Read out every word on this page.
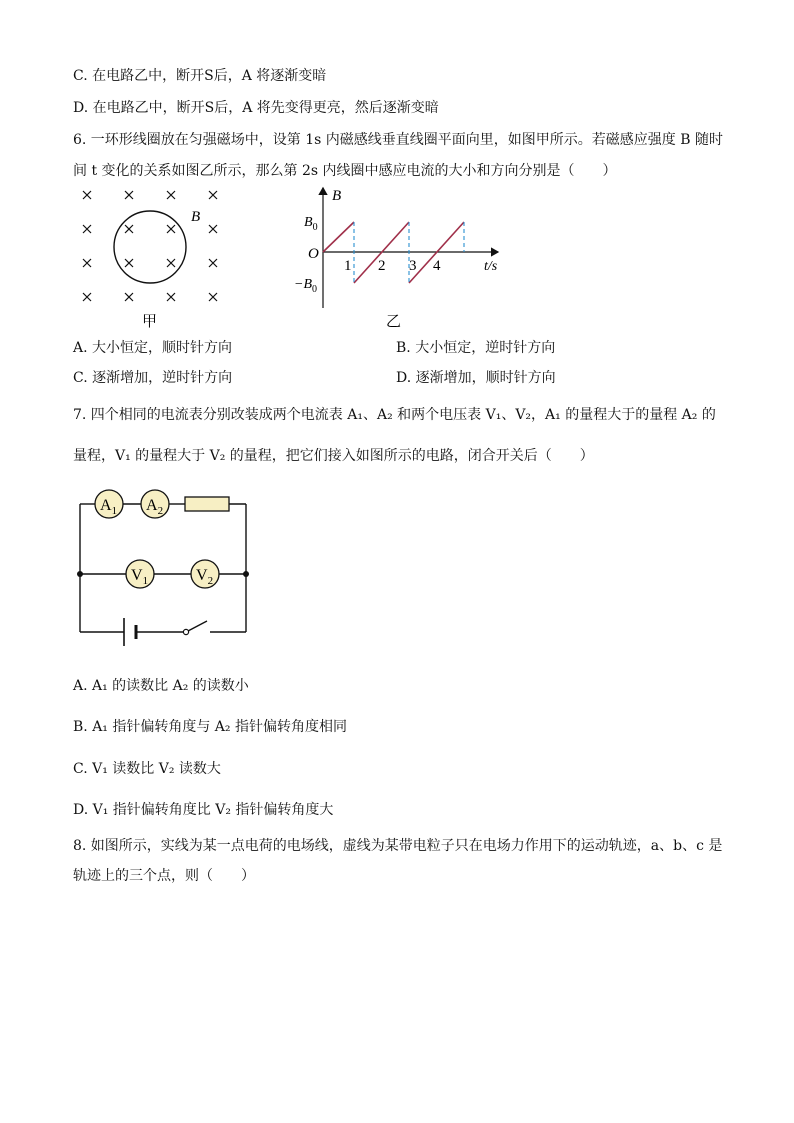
C. 在电路乙中，断开S后，A 将逐渐变暗
D. 在电路乙中，断开S后，A 将先变得更亮，然后逐渐变暗
6. 一环形线圈放在匀强磁场中，设第 1s 内磁感线垂直线圈平面向里，如图甲所示。若磁感应强度 B 随时
间 t 变化的关系如图乙所示，那么第 2s 内线圈中感应电流的大小和方向分别是（　　）
B
甲
B
O
t/s
$B_0$
$-B_0$
1 2 3 4
乙
A. 大小恒定，顺时针方向	B. 大小恒定，逆时针方向
C. 逐渐增加，逆时针方向	D. 逐渐增加，顺时针方向
7. 四个相同的电流表分别改装成两个电流表 A₁、A₂ 和两个电压表 V₁、V₂，A₁ 的量程大于的量程 A₂ 的
量程，V₁ 的量程大于 V₂ 的量程，把它们接入如图所示的电路，闭合开关后（　　）
$A_1$ $A_2$
$V_1$	$V_2$
A. A₁ 的读数比 A₂ 的读数小
B. A₁ 指针偏转角度与 A₂ 指针偏转角度相同
C. V₁ 读数比 V₂ 读数大
D. V₁ 指针偏转角度比 V₂ 指针偏转角度大
8. 如图所示，实线为某一点电荷的电场线，虚线为某带电粒子只在电场力作用下的运动轨迹，a、b、c 是
轨迹上的三个点，则（　　）
